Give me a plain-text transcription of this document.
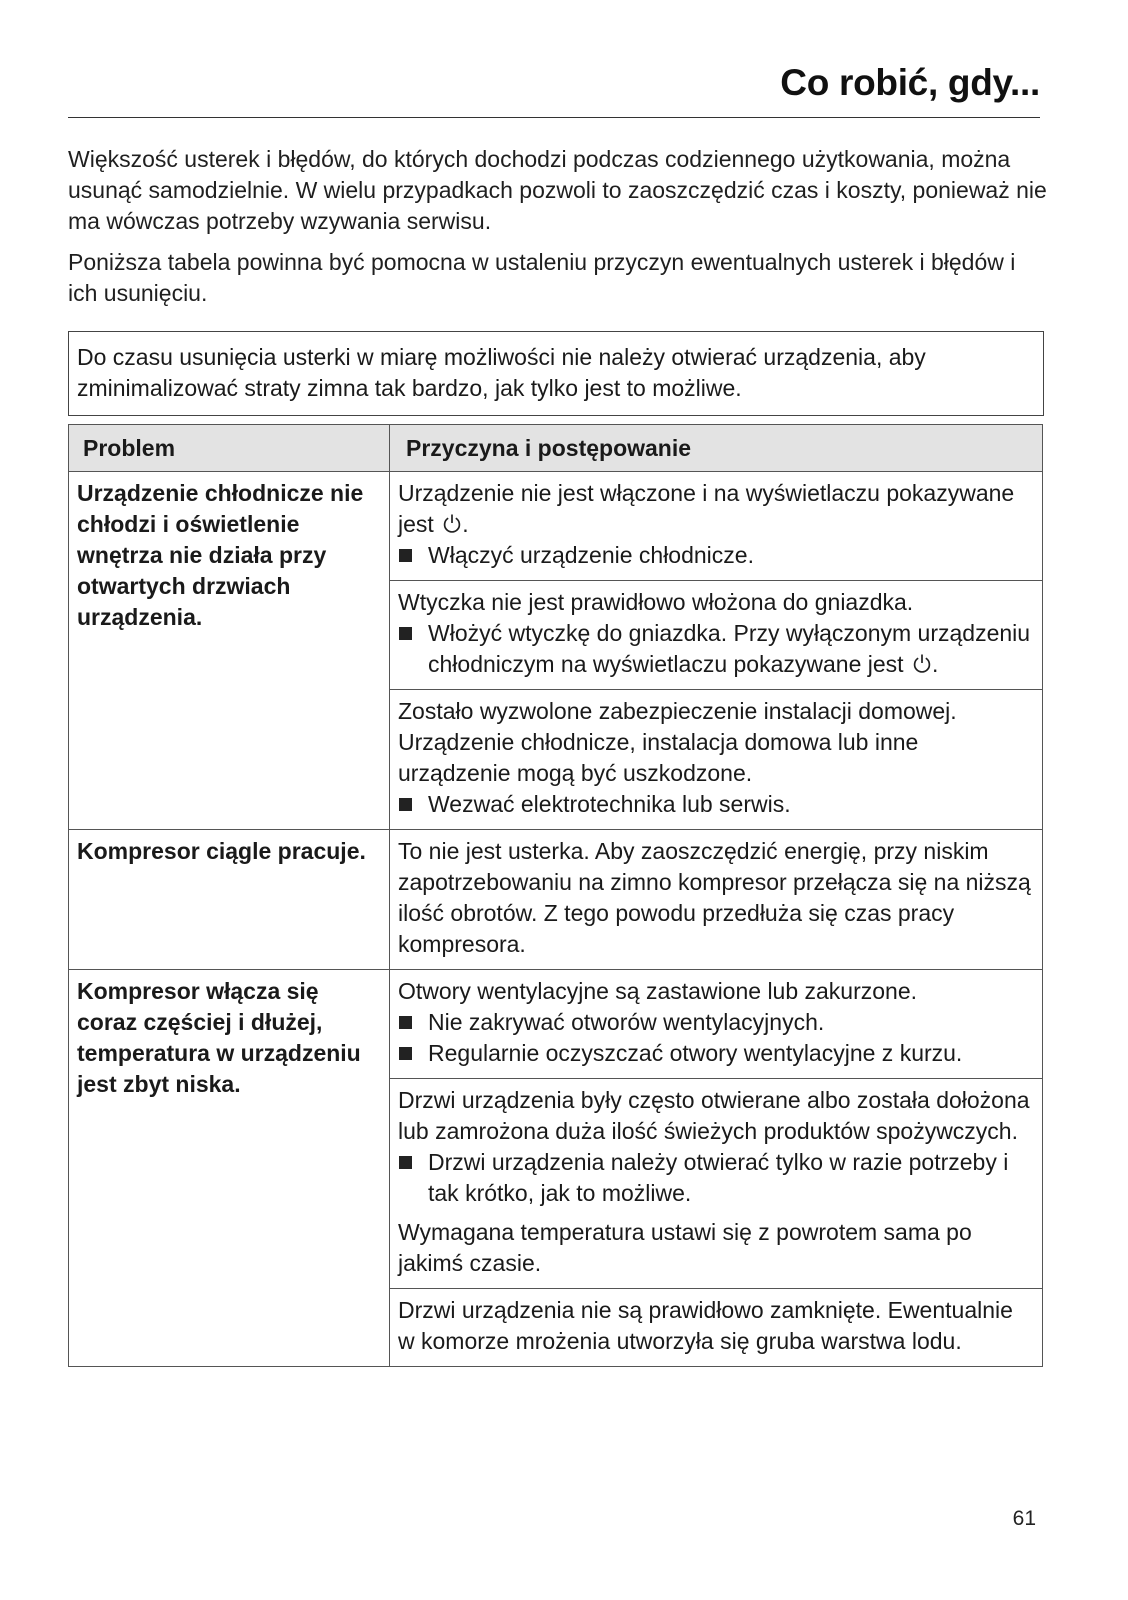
Co robić, gdy...

Większość usterek i błędów, do których dochodzi podczas codziennego użytkowania, można usunąć samodzielnie. W wielu przypadkach pozwoli to zaoszczędzić czas i koszty, ponieważ nie ma wówczas potrzeby wzywania serwisu.

Poniższa tabela powinna być pomocna w ustaleniu przyczyn ewentualnych usterek i błędów i ich usunięciu.

Do czasu usunięcia usterki w miarę możliwości nie należy otwierać urządzenia, aby zminimalizować straty zimna tak bardzo, jak tylko jest to możliwe.
Problem	Przyczyna i postępowanie
Urządzenie chłodnicze nie chłodzi i oświetlenie wnętrza nie działa przy otwartych drzwiach urządzenia.	Urządzenie nie jest włączone i na wyświetlaczu pokazywane jest .

Włączyć urządzenie chłodnicze.

	Wtyczka nie jest prawidłowo włożona do gniazdka.

Włożyć wtyczkę do gniazdka. Przy wyłączonym urządzeniu chłodniczym na wyświetlaczu pokazywane jest .

	Zostało wyzwolone zabezpieczenie instalacji domowej. Urządzenie chłodnicze, instalacja domowa lub inne urządzenie mogą być uszkodzone.

Wezwać elektrotechnika lub serwis.

Kompresor ciągle pracuje.	To nie jest usterka. Aby zaoszczędzić energię, przy niskim zapotrzebowaniu na zimno kompresor przełącza się na niższą ilość obrotów. Z tego powodu przedłuża się czas pracy kompresora.

Kompresor włącza się coraz częściej i dłużej, temperatura w urządzeniu jest zbyt niska.	Otwory wentylacyjne są zastawione lub zakurzone.

Nie zakrywać otworów wentylacyjnych.

Regularnie oczyszczać otwory wentylacyjne z kurzu.

	Drzwi urządzenia były często otwierane albo została dołożona lub zamrożona duża ilość świeżych produktów spożywczych.

Drzwi urządzenia należy otwierać tylko w razie potrzeby i tak krótko, jak to możliwe.

Wymagana temperatura ustawi się z powrotem sama po jakimś czasie.

	Drzwi urządzenia nie są prawidłowo zamknięte. Ewentualnie w komorze mrożenia utworzyła się gruba warstwa lodu.

61
